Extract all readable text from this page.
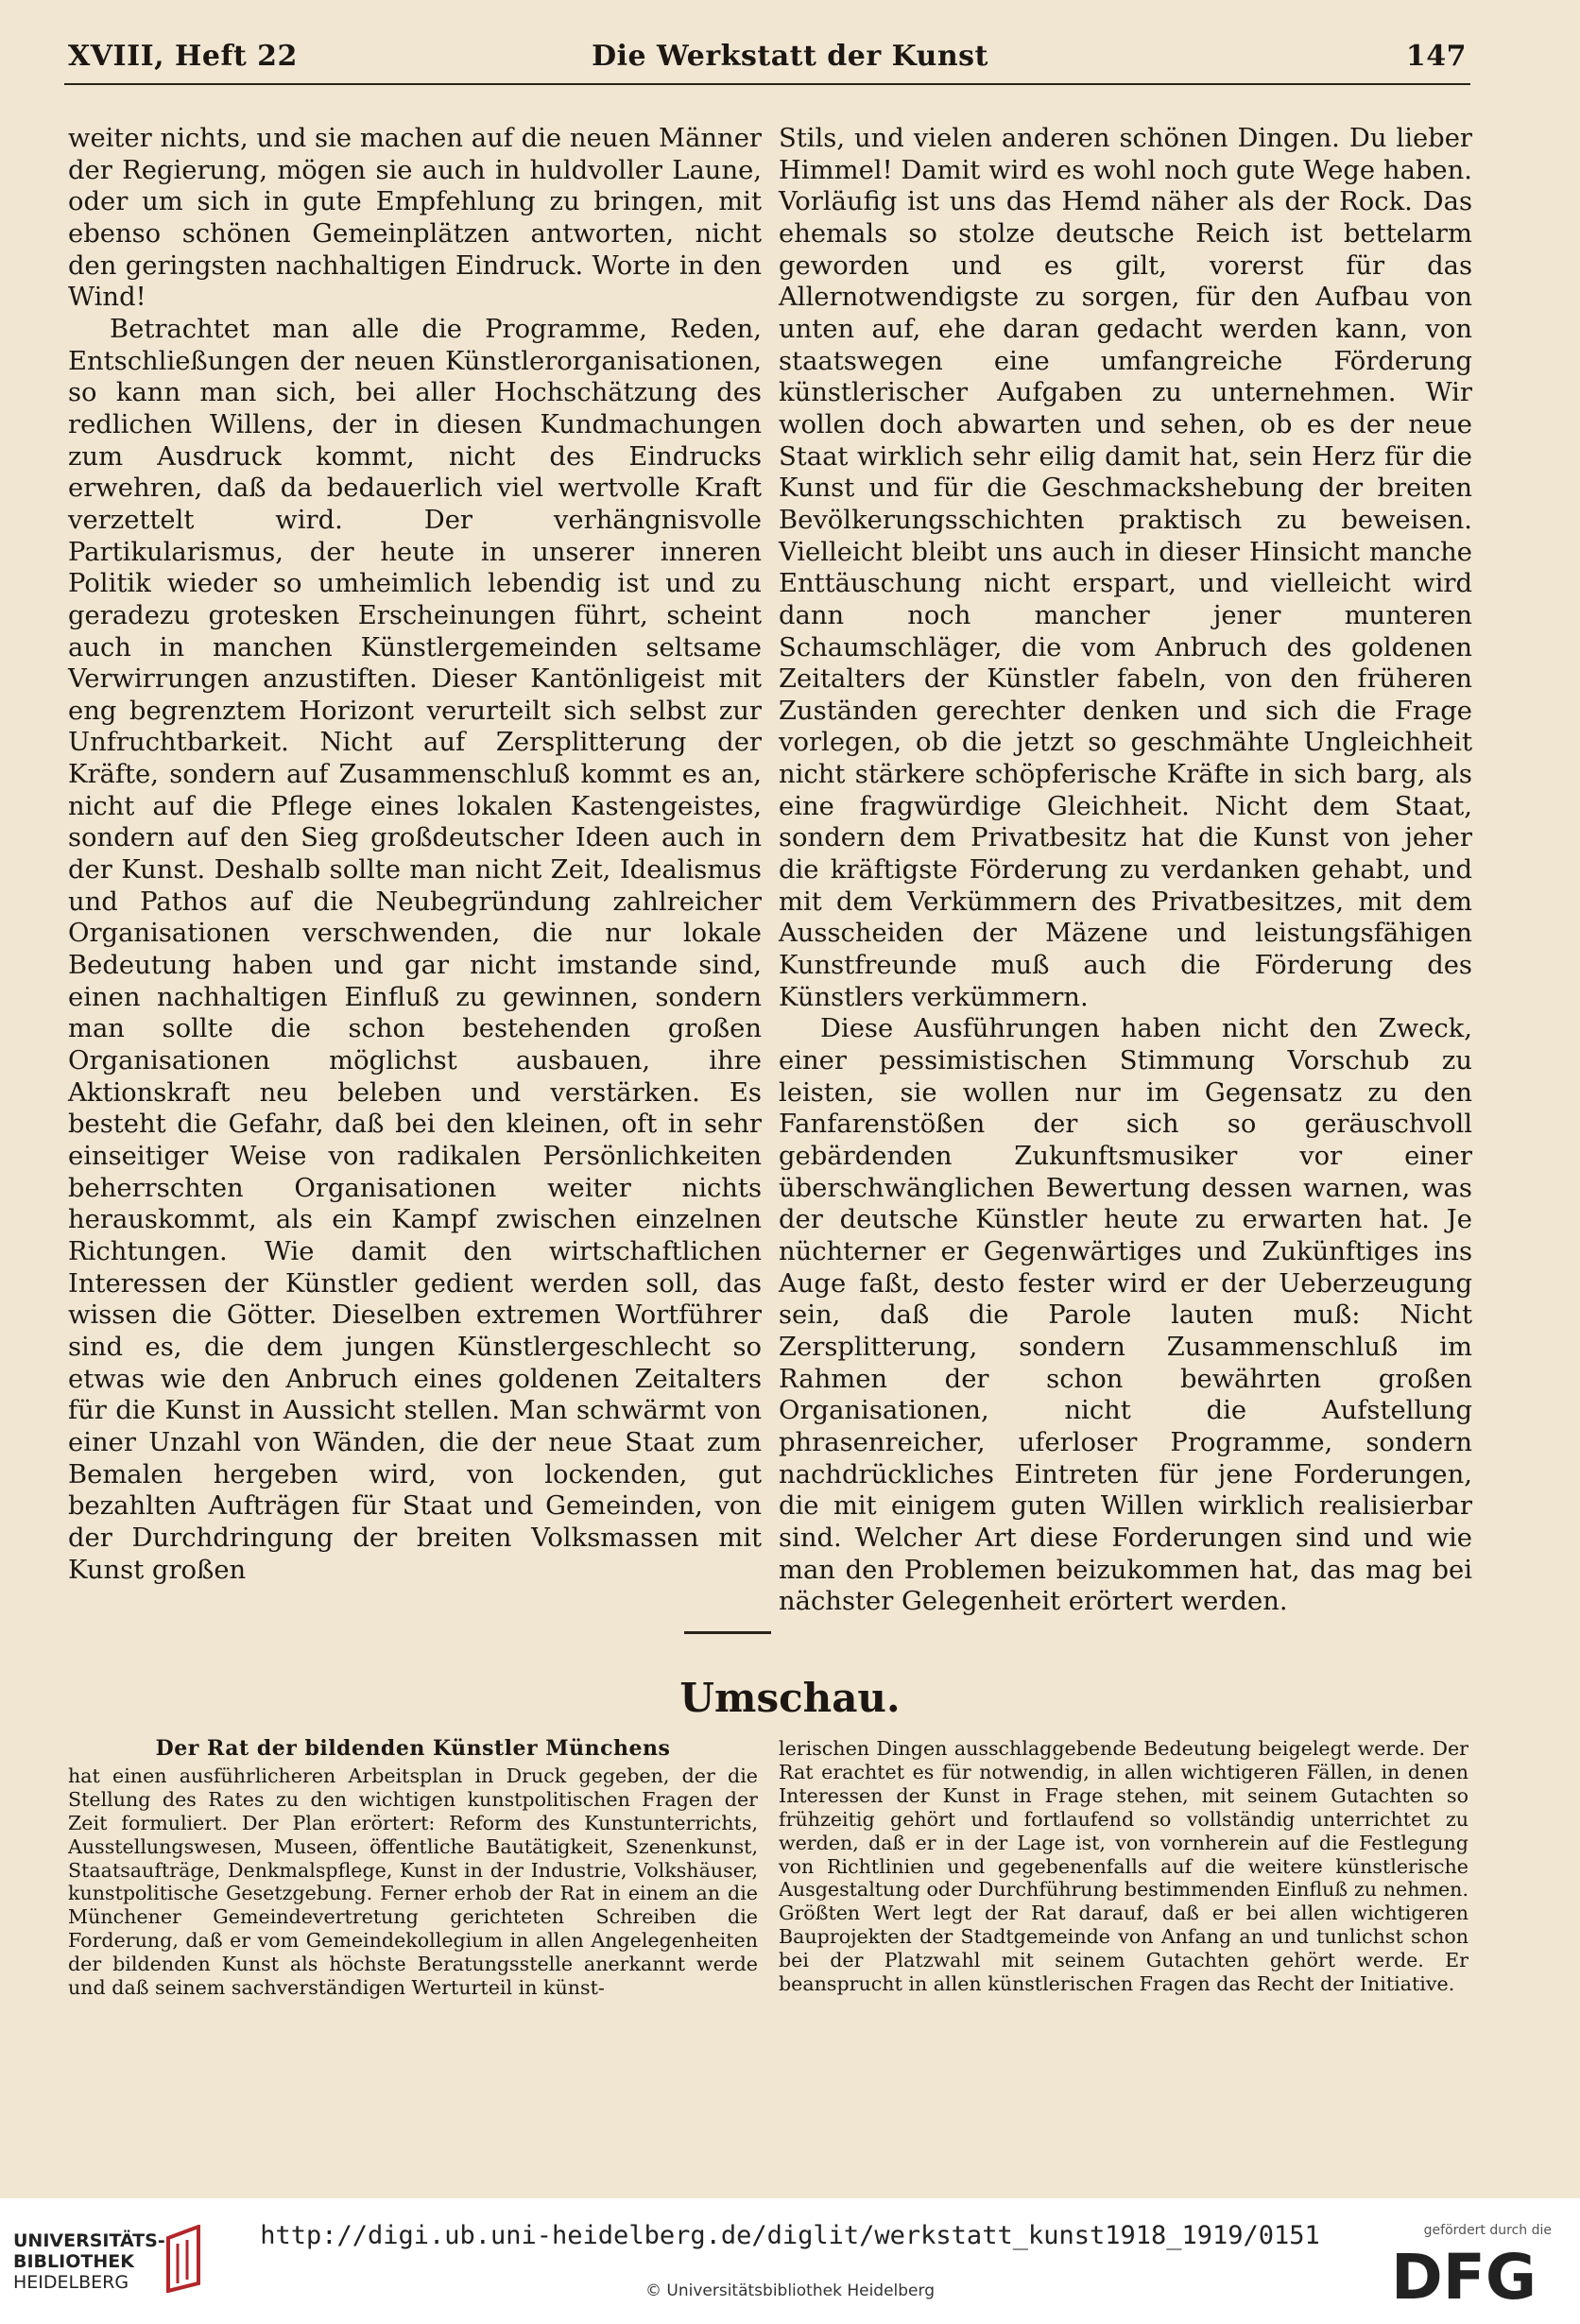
XVIII, Heft 22	Die Werkstatt der Kunst	147

weiter nichts, und sie machen auf die neuen Männer der Regierung, mögen sie auch in huldvoller Laune, oder um sich in gute Empfehlung zu bringen, mit ebenso schönen Gemeinplätzen antworten, nicht den geringsten nachhaltigen Eindruck. Worte in den Wind!

Betrachtet man alle die Programme, Reden, Entschließungen der neuen Künstlerorganisationen, so kann man sich, bei aller Hochschätzung des redlichen Willens, der in diesen Kundmachungen zum Ausdruck kommt, nicht des Eindrucks erwehren, daß da bedauerlich viel wertvolle Kraft verzettelt wird. Der verhängnisvolle Partikularismus, der heute in unserer inneren Politik wieder so umheimlich lebendig ist und zu geradezu grotesken Erscheinungen führt, scheint auch in manchen Künstlergemeinden seltsame Verwirrungen anzustiften. Dieser Kantönligeist mit eng begrenztem Horizont verurteilt sich selbst zur Unfruchtbarkeit. Nicht auf Zersplitterung der Kräfte, sondern auf Zusammenschluß kommt es an, nicht auf die Pflege eines lokalen Kastengeistes, sondern auf den Sieg großdeutscher Ideen auch in der Kunst. Deshalb sollte man nicht Zeit, Idealismus und Pathos auf die Neubegründung zahlreicher Organisationen verschwenden, die nur lokale Bedeutung haben und gar nicht imstande sind, einen nachhaltigen Einfluß zu gewinnen, sondern man sollte die schon bestehenden großen Organisationen möglichst ausbauen, ihre Aktionskraft neu beleben und verstärken. Es besteht die Gefahr, daß bei den kleinen, oft in sehr einseitiger Weise von radikalen Persönlichkeiten beherrschten Organisationen weiter nichts herauskommt, als ein Kampf zwischen einzelnen Richtungen. Wie damit den wirtschaftlichen Interessen der Künstler gedient werden soll, das wissen die Götter. Dieselben extremen Wortführer sind es, die dem jungen Künstlergeschlecht so etwas wie den Anbruch eines goldenen Zeitalters für die Kunst in Aussicht stellen. Man schwärmt von einer Unzahl von Wänden, die der neue Staat zum Bemalen hergeben wird, von lockenden, gut bezahlten Aufträgen für Staat und Gemeinden, von der Durchdringung der breiten Volksmassen mit Kunst großen

Stils, und vielen anderen schönen Dingen. Du lieber Himmel! Damit wird es wohl noch gute Wege haben. Vorläufig ist uns das Hemd näher als der Rock. Das ehemals so stolze deutsche Reich ist bettelarm geworden und es gilt, vorerst für das Allernotwendigste zu sorgen, für den Aufbau von unten auf, ehe daran gedacht werden kann, von staatswegen eine umfangreiche Förderung künstlerischer Aufgaben zu unternehmen. Wir wollen doch abwarten und sehen, ob es der neue Staat wirklich sehr eilig damit hat, sein Herz für die Kunst und für die Geschmackshebung der breiten Bevölkerungsschichten praktisch zu beweisen. Vielleicht bleibt uns auch in dieser Hinsicht manche Enttäuschung nicht erspart, und vielleicht wird dann noch mancher jener munteren Schaumschläger, die vom Anbruch des goldenen Zeitalters der Künstler fabeln, von den früheren Zuständen gerechter denken und sich die Frage vorlegen, ob die jetzt so geschmähte Ungleichheit nicht stärkere schöpferische Kräfte in sich barg, als eine fragwürdige Gleichheit. Nicht dem Staat, sondern dem Privatbesitz hat die Kunst von jeher die kräftigste Förderung zu verdanken gehabt, und mit dem Verkümmern des Privatbesitzes, mit dem Ausscheiden der Mäzene und leistungsfähigen Kunstfreunde muß auch die Förderung des Künstlers verkümmern.

Diese Ausführungen haben nicht den Zweck, einer pessimistischen Stimmung Vorschub zu leisten, sie wollen nur im Gegensatz zu den Fanfarenstößen der sich so geräuschvoll gebärdenden Zukunftsmusiker vor einer überschwänglichen Bewertung dessen warnen, was der deutsche Künstler heute zu erwarten hat. Je nüchterner er Gegenwärtiges und Zukünftiges ins Auge faßt, desto fester wird er der Ueberzeugung sein, daß die Parole lauten muß: Nicht Zersplitterung, sondern Zusammenschluß im Rahmen der schon bewährten großen Organisationen, nicht die Aufstellung phrasenreicher, uferloser Programme, sondern nachdrückliches Eintreten für jene Forderungen, die mit einigem guten Willen wirklich realisierbar sind. Welcher Art diese Forderungen sind und wie man den Problemen beizukommen hat, das mag bei nächster Gelegenheit erörtert werden.

Umschau.

Der Rat der bildenden Künstler Münchens

hat einen ausführlicheren Arbeitsplan in Druck gegeben, der die Stellung des Rates zu den wichtigen kunstpolitischen Fragen der Zeit formuliert. Der Plan erörtert: Reform des Kunstunterrichts, Ausstellungswesen, Museen, öffentliche Bautätigkeit, Szenenkunst, Staatsaufträge, Denkmalspflege, Kunst in der Industrie, Volkshäuser, kunstpolitische Gesetzgebung. Ferner erhob der Rat in einem an die Münchener Gemeindevertretung gerichteten Schreiben die Forderung, daß er vom Gemeindekollegium in allen Angelegenheiten der bildenden Kunst als höchste Beratungsstelle anerkannt werde und daß seinem sachverständigen Werturteil in künst-

lerischen Dingen ausschlaggebende Bedeutung beigelegt werde. Der Rat erachtet es für notwendig, in allen wichtigeren Fällen, in denen Interessen der Kunst in Frage stehen, mit seinem Gutachten so frühzeitig gehört und fortlaufend so vollständig unterrichtet zu werden, daß er in der Lage ist, von vornherein auf die Festlegung von Richtlinien und gegebenenfalls auf die weitere künstlerische Ausgestaltung oder Durchführung bestimmenden Einfluß zu nehmen. Größten Wert legt der Rat darauf, daß er bei allen wichtigeren Bauprojekten der Stadtgemeinde von Anfang an und tunlichst schon bei der Platzwahl mit seinem Gutachten gehört werde. Er beansprucht in allen künstlerischen Fragen das Recht der Initiative.

UNIVERSITÄTS-
BIBLIOTHEK
HEIDELBERG
http://digi.ub.uni-heidelberg.de/diglit/werkstatt_kunst1918_1919/0151
© Universitätsbibliothek Heidelberg
gefördert durch die
DFG
